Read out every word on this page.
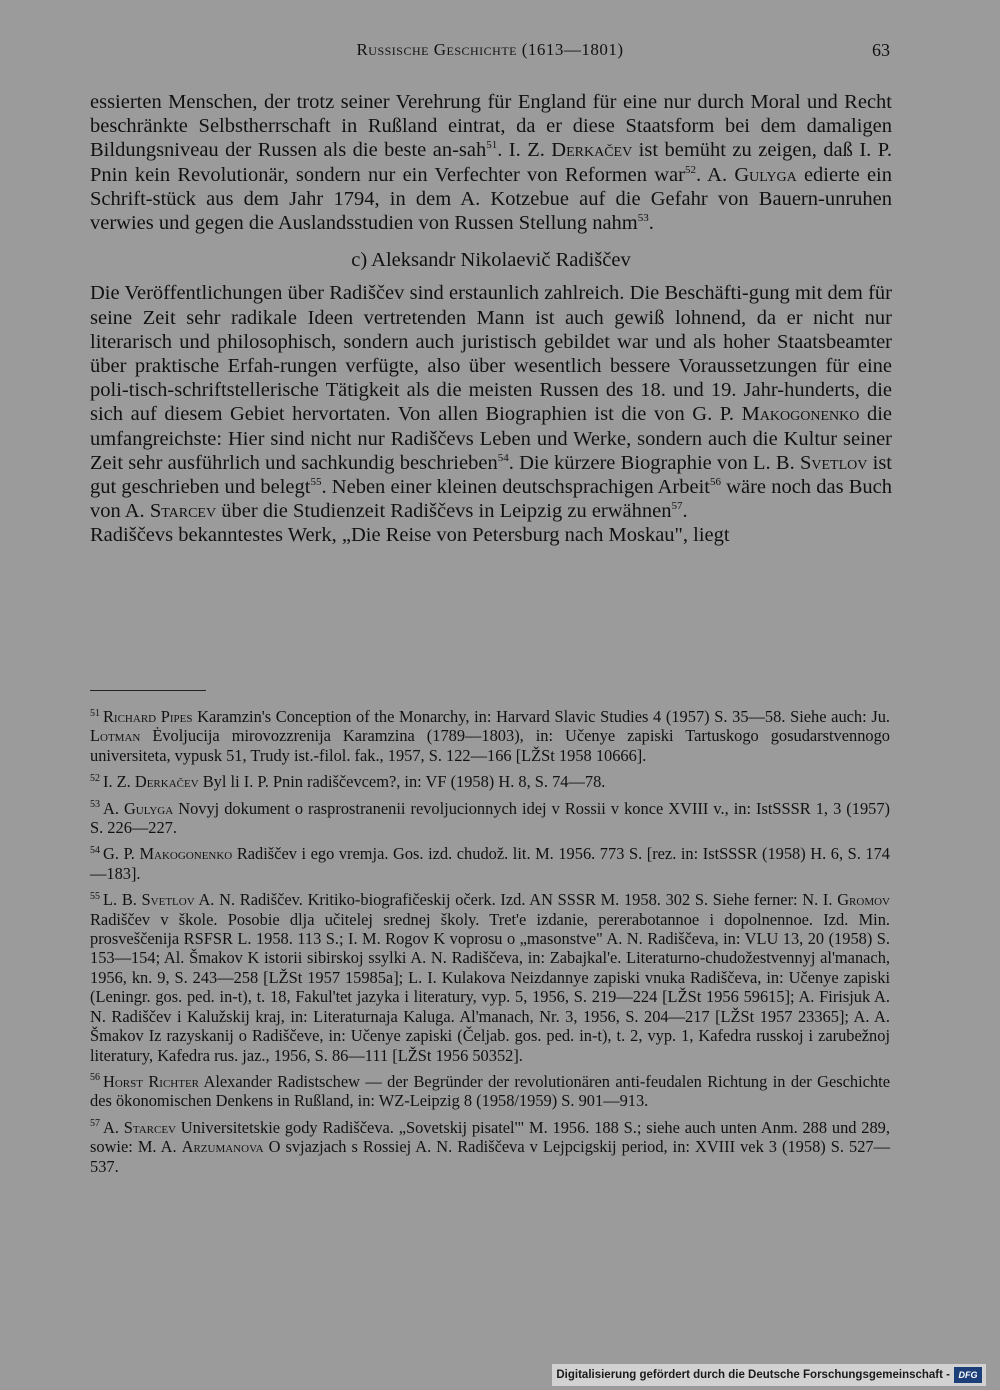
Russische Geschichte (1613—1801)	63

essierten Menschen, der trotz seiner Verehrung für England für eine nur durch Moral und Recht beschränkte Selbstherrschaft in Rußland eintrat, da er diese Staatsform bei dem damaligen Bildungsniveau der Russen als die beste an-sah$^{51}$. I. Z. Derkačev ist bemüht zu zeigen, daß I. P. Pnin kein Revolutionär, sondern nur ein Verfechter von Reformen war$^{52}$. A. Gulyga edierte ein Schrift-stück aus dem Jahr 1794, in dem A. Kotzebue auf die Gefahr von Bauern-unruhen verwies und gegen die Auslandsstudien von Russen Stellung nahm$^{53}$.

c) Aleksandr Nikolaevič Radiščev

Die Veröffentlichungen über Radiščev sind erstaunlich zahlreich. Die Beschäfti-gung mit dem für seine Zeit sehr radikale Ideen vertretenden Mann ist auch gewiß lohnend, da er nicht nur literarisch und philosophisch, sondern auch juristisch gebildet war und als hoher Staatsbeamter über praktische Erfah-rungen verfügte, also über wesentlich bessere Voraussetzungen für eine poli-tisch-schriftstellerische Tätigkeit als die meisten Russen des 18. und 19. Jahr-hunderts, die sich auf diesem Gebiet hervortaten. Von allen Biographien ist die von G. P. Makogonenko die umfangreichste: Hier sind nicht nur Radiščevs Leben und Werke, sondern auch die Kultur seiner Zeit sehr ausführlich und sachkundig beschrieben$^{54}$. Die kürzere Biographie von L. B. Svetlov ist gut geschrieben und belegt$^{55}$. Neben einer kleinen deutschsprachigen Arbeit$^{56}$ wäre noch das Buch von A. Starcev über die Studienzeit Radiščevs in Leipzig zu erwähnen$^{57}$.

Radiščevs bekanntestes Werk, „Die Reise von Petersburg nach Moskau", liegt

$^{51}$ Richard Pipes Karamzin's Conception of the Monarchy, in: Harvard Slavic Studies 4 (1957) S. 35—58. Siehe auch: Ju. Lotman Ėvoljucija mirovozzrenija Karamzina (1789—1803), in: Učenye zapiski Tartuskogo gosudarstvennogo universiteta, vypusk 51, Trudy ist.-filol. fak., 1957, S. 122—166 [LŽSt 1958 10666].

$^{52}$ I. Z. Derkačev Byl li I. P. Pnin radiščevcem?, in: VF (1958) H. 8, S. 74—78.

$^{53}$ A. Gulyga Novyj dokument o rasprostranenii revoljucionnych idej v Rossii v konce XVIII v., in: IstSSSR 1, 3 (1957) S. 226—227.

$^{54}$ G. P. Makogonenko Radiščev i ego vremja. Gos. izd. chudož. lit. M. 1956. 773 S. [rez. in: IstSSSR (1958) H. 6, S. 174—183].

$^{55}$ L. B. Svetlov A. N. Radiščev. Kritiko-biografičeskij očerk. Izd. AN SSSR M. 1958. 302 S. Siehe ferner: N. I. Gromov Radiščev v škole. Posobie dlja učitelej srednej školy. Tret'e izdanie, pererabotannoe i dopolnennoe. Izd. Min. prosveščenija RSFSR L. 1958. 113 S.; I. M. Rogov K voprosu o „masonstve" A. N. Radiščeva, in: VLU 13, 20 (1958) S. 153—154; Al. Šmakov K istorii sibirskoj ssylki A. N. Radiščeva, in: Zabajkal'e. Literaturno-chudožestvennyj al'manach, 1956, kn. 9, S. 243—258 [LŽSt 1957 15985a]; L. I. Kulakova Neizdannye zapiski vnuka Radiščeva, in: Učenye zapiski (Leningr. gos. ped. in-t), t. 18, Fakul'tet jazyka i literatury, vyp. 5, 1956, S. 219—224 [LŽSt 1956 59615]; A. Firisjuk A. N. Radiščev i Kalužskij kraj, in: Literaturnaja Kaluga. Al'manach, Nr. 3, 1956, S. 204—217 [LŽSt 1957 23365]; A. A. Šmakov Iz razyskanij o Radiščeve, in: Učenye zapiski (Čeljab. gos. ped. in-t), t. 2, vyp. 1, Kafedra russkoj i zarubežnoj literatury, Kafedra rus. jaz., 1956, S. 86—111 [LŽSt 1956 50352].

$^{56}$ Horst Richter Alexander Radistschew — der Begründer der revolutionären anti-feudalen Richtung in der Geschichte des ökonomischen Denkens in Rußland, in: WZ-Leipzig 8 (1958/1959) S. 901—913.

$^{57}$ A. Starcev Universitetskie gody Radiščeva. „Sovetskij pisatel'" M. 1956. 188 S.; siehe auch unten Anm. 288 und 289, sowie: M. A. Arzumanova O svjazjach s Rossiej A. N. Radiščeva v Lejpcigskij period, in: XVIII vek 3 (1958) S. 527—537.

Digitalisierung gefördert durch die Deutsche Forschungsgemeinschaft - DFG
